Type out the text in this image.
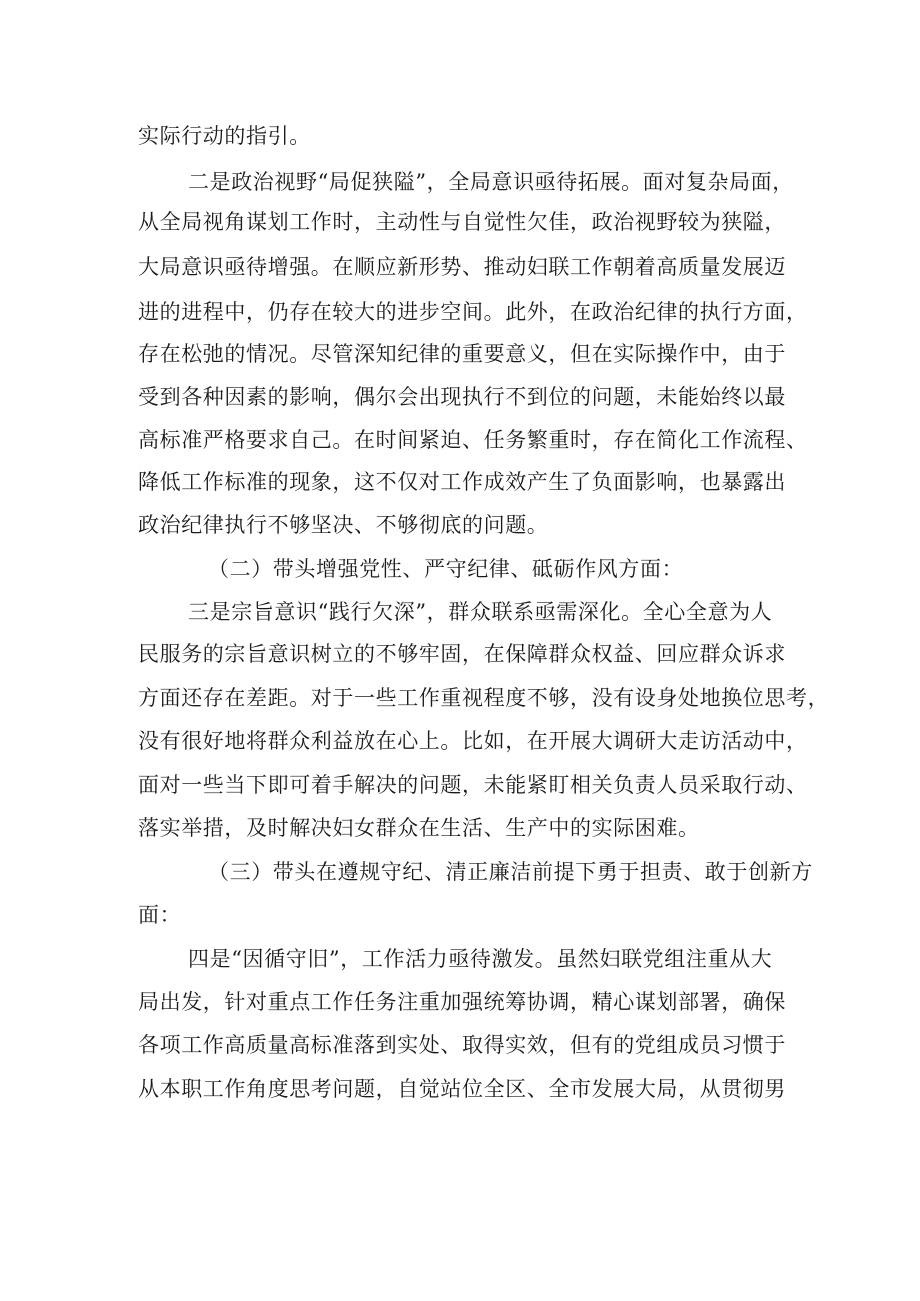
实际行动的指引。
二是政治视野“局促狭隘”，全局意识亟待拓展。面对复杂局面，
从全局视角谋划工作时，主动性与自觉性欠佳，政治视野较为狭隘，
大局意识亟待增强。在顺应新形势、推动妇联工作朝着高质量发展迈
进的进程中，仍存在较大的进步空间。此外，在政治纪律的执行方面，
存在松弛的情况。尽管深知纪律的重要意义，但在实际操作中，由于
受到各种因素的影响，偶尔会出现执行不到位的问题，未能始终以最
高标准严格要求自己。在时间紧迫、任务繁重时，存在简化工作流程、
降低工作标准的现象，这不仅对工作成效产生了负面影响，也暴露出
政治纪律执行不够坚决、不够彻底的问题。
（二）带头增强党性、严守纪律、砥砺作风方面：
三是宗旨意识“践行欠深”，群众联系亟需深化。全心全意为人
民服务的宗旨意识树立的不够牢固，在保障群众权益、回应群众诉求
方面还存在差距。对于一些工作重视程度不够，没有设身处地换位思考，
没有很好地将群众利益放在心上。比如，在开展大调研大走访活动中，
面对一些当下即可着手解决的问题，未能紧盯相关负责人员采取行动、
落实举措，及时解决妇女群众在生活、生产中的实际困难。
（三）带头在遵规守纪、清正廉洁前提下勇于担责、敢于创新方
面：
四是“因循守旧”，工作活力亟待激发。虽然妇联党组注重从大
局出发，针对重点工作任务注重加强统筹协调，精心谋划部署，确保
各项工作高质量高标准落到实处、取得实效，但有的党组成员习惯于
从本职工作角度思考问题，自觉站位全区、全市发展大局，从贯彻男
